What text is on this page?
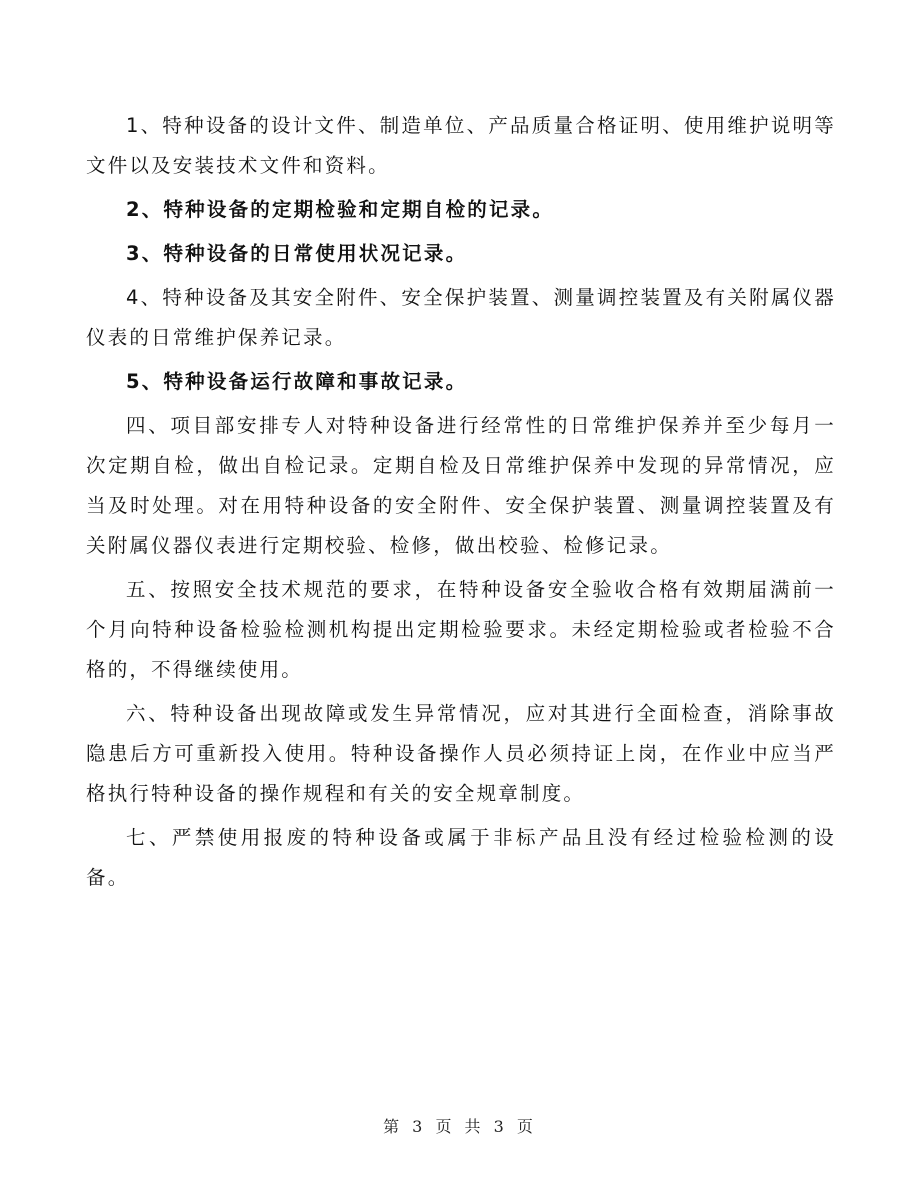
1、特种设备的设计文件、制造单位、产品质量合格证明、使用维护说明等文件以及安装技术文件和资料。

2、特种设备的定期检验和定期自检的记录。

3、特种设备的日常使用状况记录。

4、特种设备及其安全附件、安全保护装置、测量调控装置及有关附属仪器仪表的日常维护保养记录。

5、特种设备运行故障和事故记录。

四、项目部安排专人对特种设备进行经常性的日常维护保养并至少每月一次定期自检，做出自检记录。定期自检及日常维护保养中发现的异常情况，应当及时处理。对在用特种设备的安全附件、安全保护装置、测量调控装置及有关附属仪器仪表进行定期校验、检修，做出校验、检修记录。

五、按照安全技术规范的要求，在特种设备安全验收合格有效期届满前一个月向特种设备检验检测机构提出定期检验要求。未经定期检验或者检验不合格的，不得继续使用。

六、特种设备出现故障或发生异常情况，应对其进行全面检查，消除事故隐患后方可重新投入使用。特种设备操作人员必须持证上岗，在作业中应当严格执行特种设备的操作规程和有关的安全规章制度。

七、严禁使用报废的特种设备或属于非标产品且没有经过检验检测的设备。

第 3 页 共 3 页
